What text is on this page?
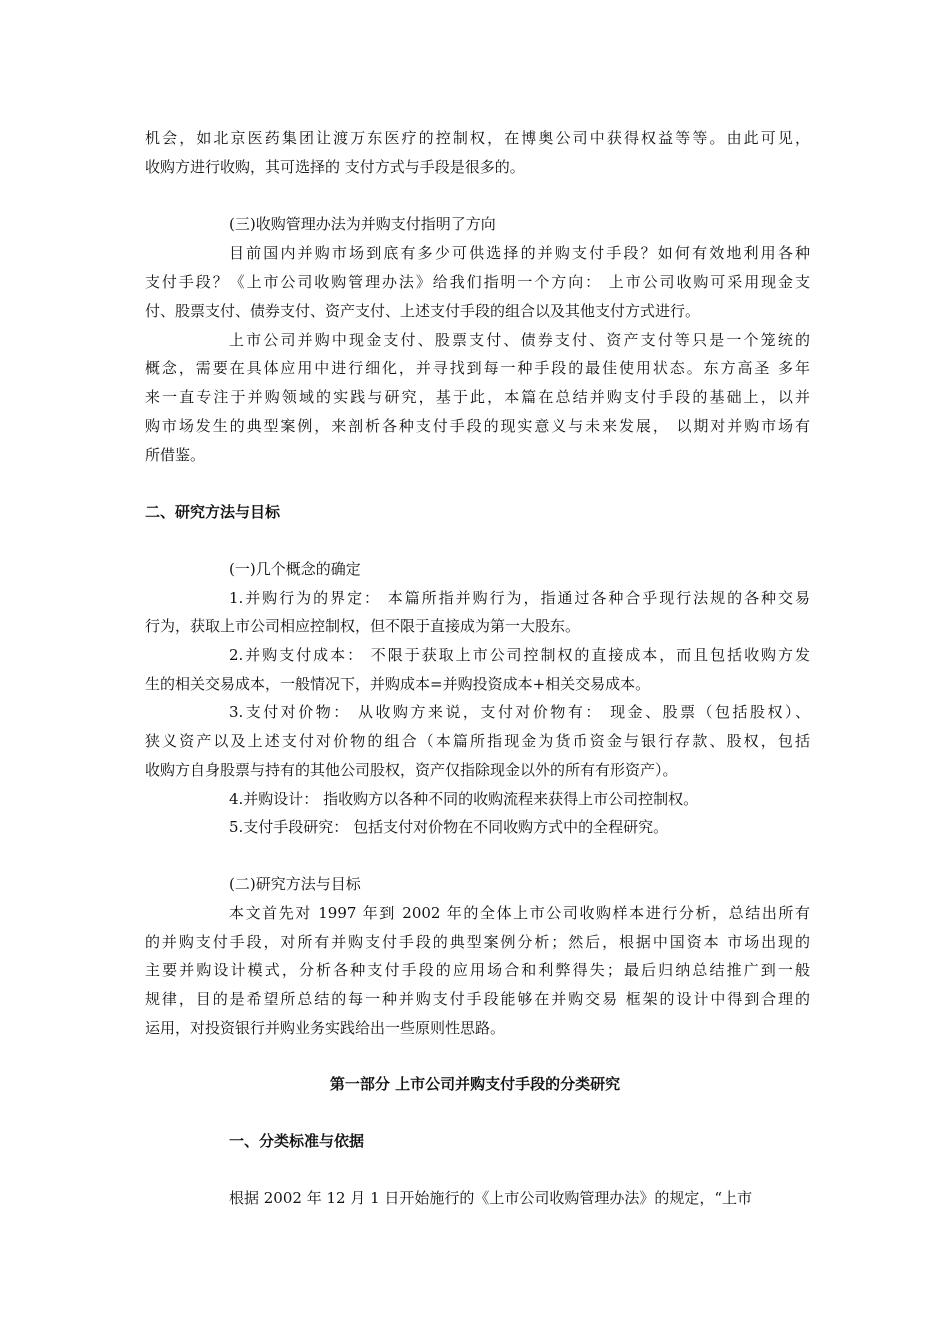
机会，如北京医药集团让渡万东医疗的控制权，在博奥公司中获得权益等等。由此可见，
收购方进行收购，其可选择的 支付方式与手段是很多的。
(三)收购管理办法为并购支付指明了方向
目前国内并购市场到底有多少可供选择的并购支付手段？如何有效地利用各种
支付手段？《上市公司收购管理办法》给我们指明一个方向： 上市公司收购可采用现金支
付、股票支付、债券支付、资产支付、上述支付手段的组合以及其他支付方式进行。
上市公司并购中现金支付、股票支付、债券支付、资产支付等只是一个笼统的
概念，需要在具体应用中进行细化，并寻找到每一种手段的最佳使用状态。东方高圣 多年
来一直专注于并购领域的实践与研究，基于此，本篇在总结并购支付手段的基础上，以并
购市场发生的典型案例，来剖析各种支付手段的现实意义与未来发展， 以期对并购市场有
所借鉴。
二、研究方法与目标
(一)几个概念的确定
1.并购行为的界定： 本篇所指并购行为，指通过各种合乎现行法规的各种交易
行为，获取上市公司相应控制权，但不限于直接成为第一大股东。
2.并购支付成本： 不限于获取上市公司控制权的直接成本，而且包括收购方发
生的相关交易成本，一般情况下，并购成本=并购投资成本+相关交易成本。
3.支付对价物： 从收购方来说，支付对价物有： 现金、股票（包括股权）、
狭义资产以及上述支付对价物的组合（本篇所指现金为货币资金与银行存款、股权，包括
收购方自身股票与持有的其他公司股权，资产仅指除现金以外的所有有形资产）。
4.并购设计： 指收购方以各种不同的收购流程来获得上市公司控制权。
5.支付手段研究： 包括支付对价物在不同收购方式中的全程研究。
(二)研究方法与目标
本文首先对 1997 年到 2002 年的全体上市公司收购样本进行分析，总结出所有
的并购支付手段，对所有并购支付手段的典型案例分析；然后，根据中国资本 市场出现的
主要并购设计模式，分析各种支付手段的应用场合和利弊得失；最后归纳总结推广到一般
规律，目的是希望所总结的每一种并购支付手段能够在并购交易 框架的设计中得到合理的
运用，对投资银行并购业务实践给出一些原则性思路。
第一部分 上市公司并购支付手段的分类研究
一、分类标准与依据
根据 2002 年 12 月 1 日开始施行的《上市公司收购管理办法》的规定，“上市
